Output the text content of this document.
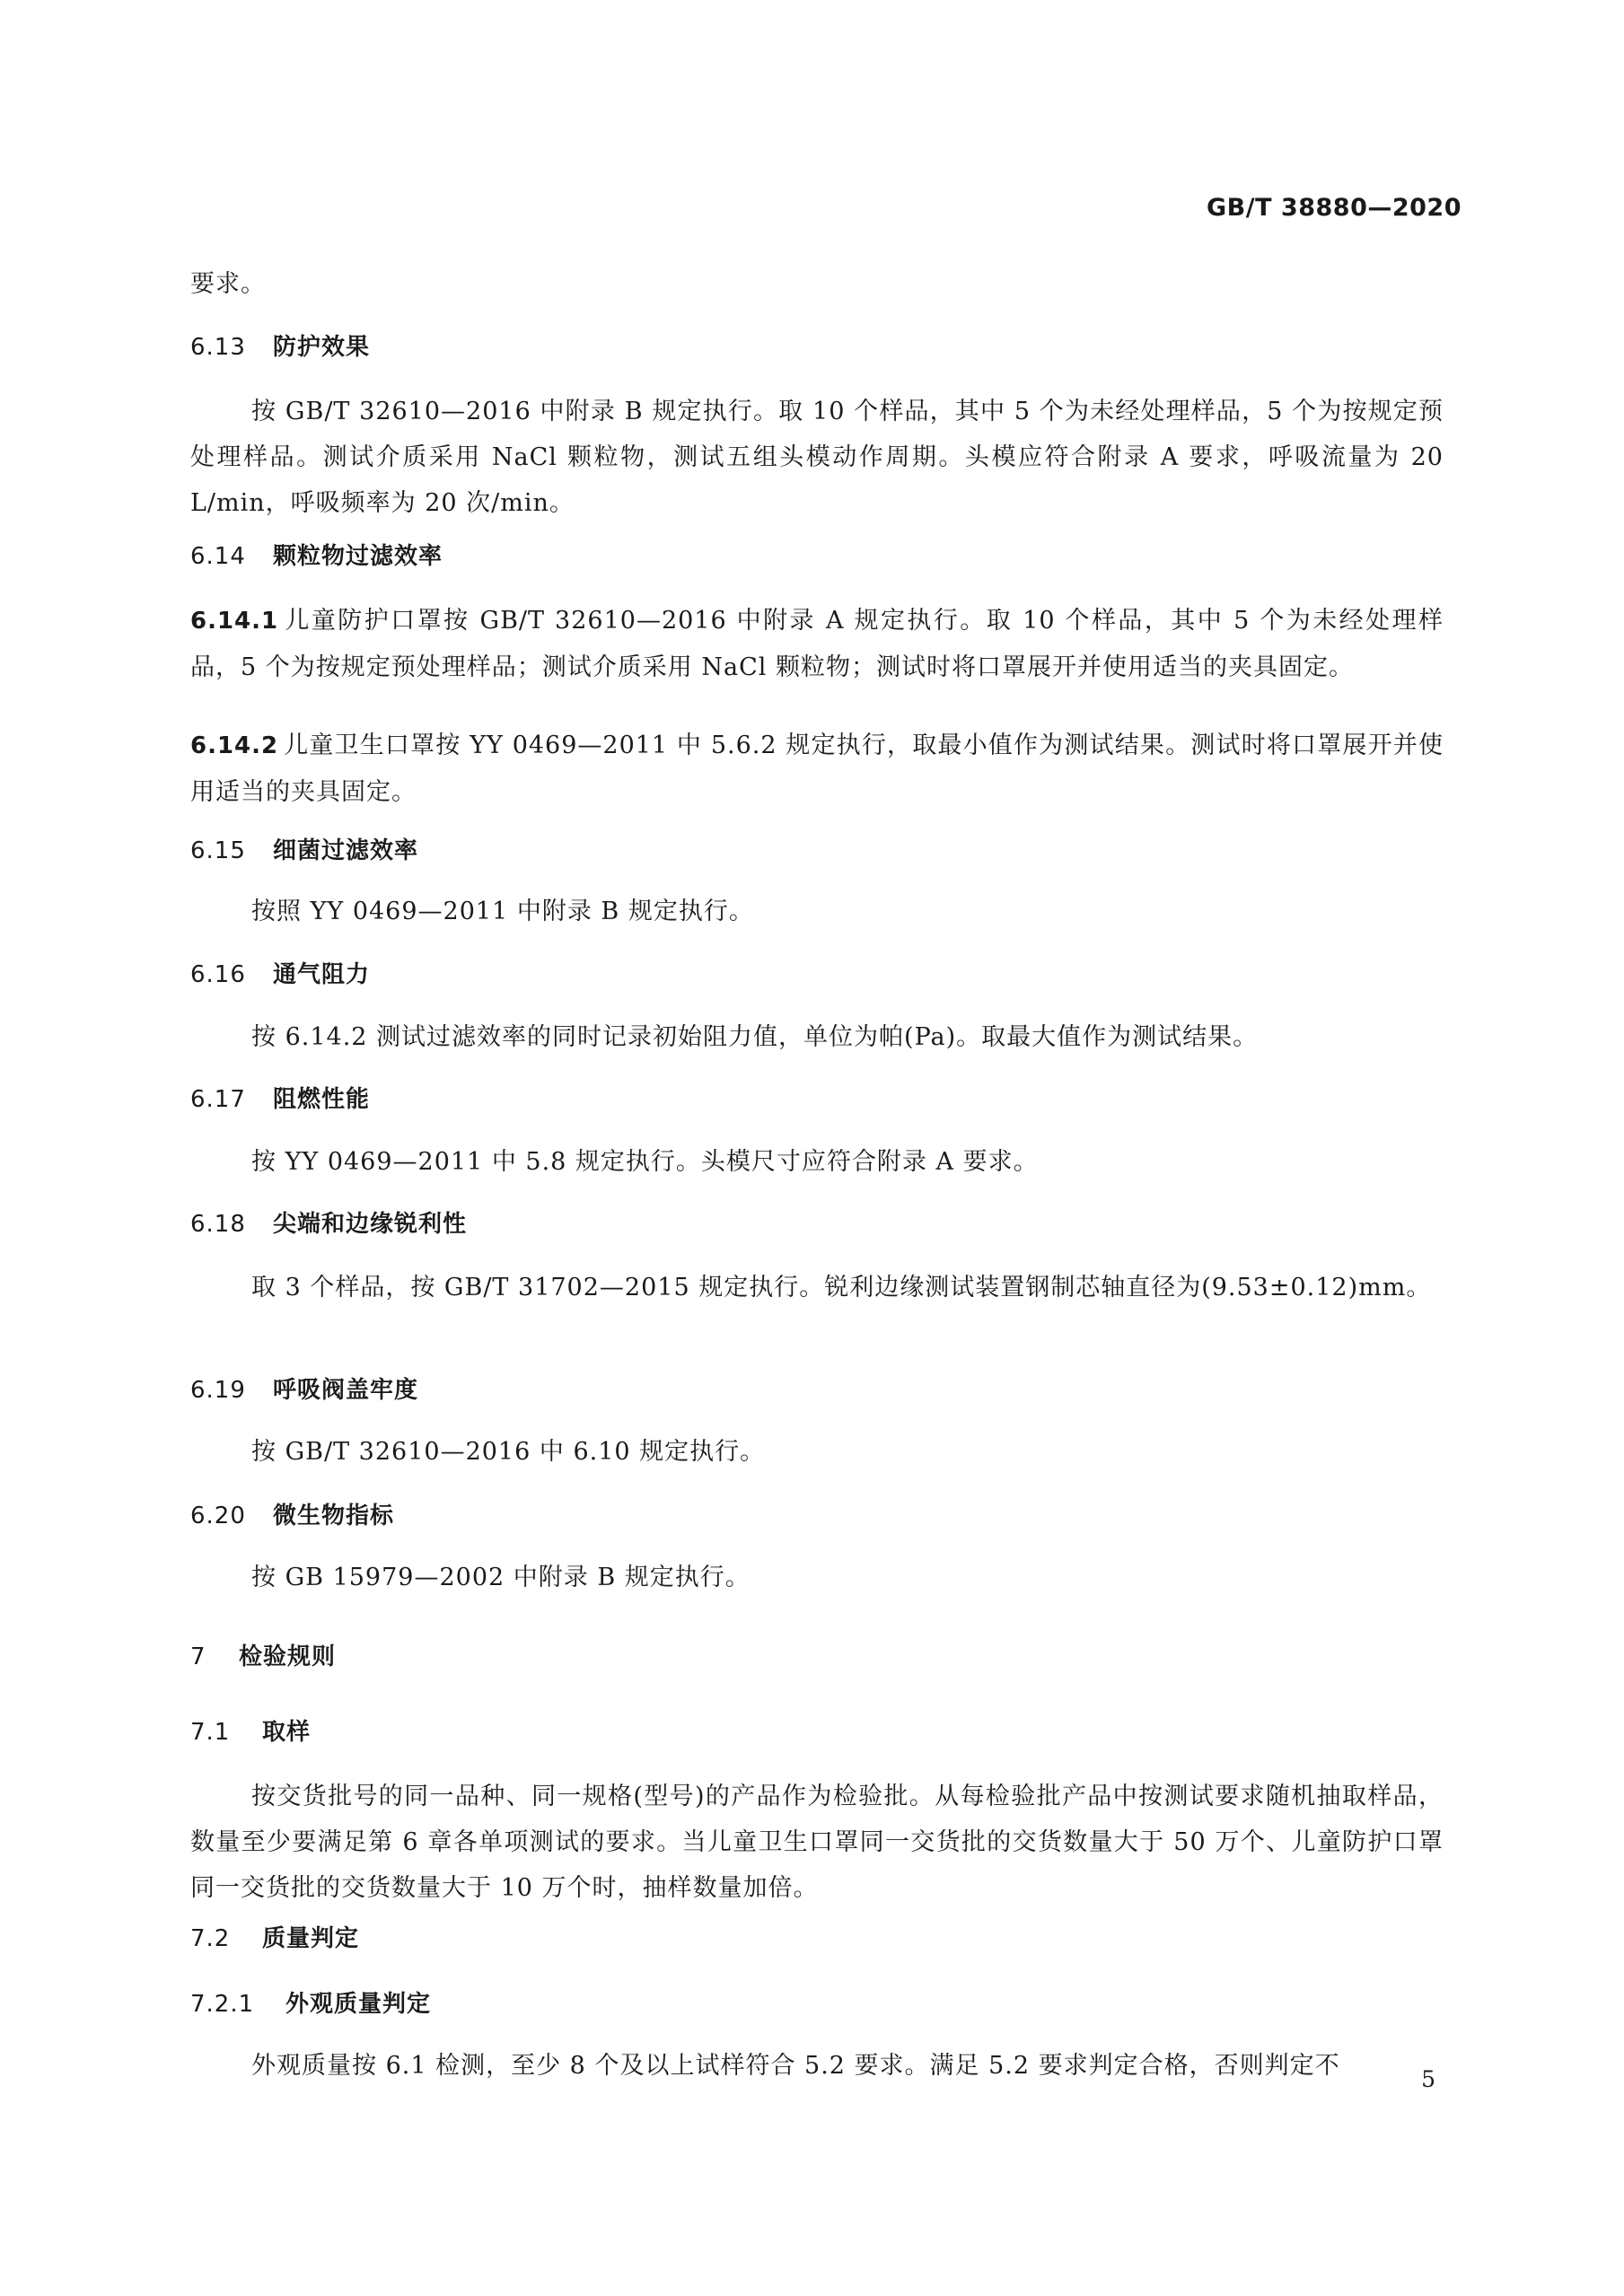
GB/T 38880—2020

要求。

6.13 防护效果

按 GB/T 32610—2016 中附录 B 规定执行。取 10 个样品，其中 5 个为未经处理样品，5 个为按规定预处理样品。测试介质采用 NaCl 颗粒物，测试五组头模动作周期。头模应符合附录 A 要求，呼吸流量为 20 L/min，呼吸频率为 20 次/min。

6.14 颗粒物过滤效率

6.14.1 儿童防护口罩按 GB/T 32610—2016 中附录 A 规定执行。取 10 个样品，其中 5 个为未经处理样品，5 个为按规定预处理样品；测试介质采用 NaCl 颗粒物；测试时将口罩展开并使用适当的夹具固定。

6.14.2 儿童卫生口罩按 YY 0469—2011 中 5.6.2 规定执行，取最小值作为测试结果。测试时将口罩展开并使用适当的夹具固定。

6.15 细菌过滤效率

按照 YY 0469—2011 中附录 B 规定执行。

6.16 通气阻力

按 6.14.2 测试过滤效率的同时记录初始阻力值，单位为帕(Pa)。取最大值作为测试结果。

6.17 阻燃性能

按 YY 0469—2011 中 5.8 规定执行。头模尺寸应符合附录 A 要求。

6.18 尖端和边缘锐利性

取 3 个样品，按 GB/T 31702—2015 规定执行。锐利边缘测试装置钢制芯轴直径为(9.53±0.12)mm。

6.19 呼吸阀盖牢度

按 GB/T 32610—2016 中 6.10 规定执行。

6.20 微生物指标

按 GB 15979—2002 中附录 B 规定执行。

7 检验规则
7.1 取样

按交货批号的同一品种、同一规格(型号)的产品作为检验批。从每检验批产品中按测试要求随机抽取样品，数量至少要满足第 6 章各单项测试的要求。当儿童卫生口罩同一交货批的交货数量大于 50 万个、儿童防护口罩同一交货批的交货数量大于 10 万个时，抽样数量加倍。

7.2 质量判定
7.2.1 外观质量判定

外观质量按 6.1 检测，至少 8 个及以上试样符合 5.2 要求。满足 5.2 要求判定合格，否则判定不	5
